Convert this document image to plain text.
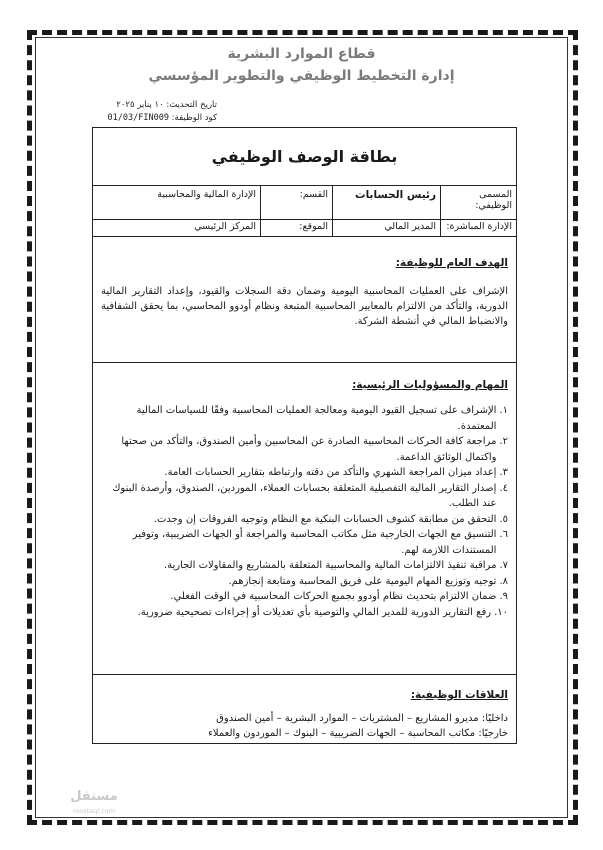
قطاع الموارد البشرية
إدارة التخطيط الوظيفي والتطوير المؤسسي
تاريخ التحديث: ١٠ يناير ٢٠٢٥
كود الوظيفة: 01/03/FIN009
بطاقة الوصف الوظيفي
المسمى الوظيفي:
رئيس الحسابات
القسم:
الإدارة المالية والمحاسبية
الإدارة المباشرة:
المدير المالي
الموقع:
المركز الرئيسي
الهدف العام للوظيفة:

الإشراف على العمليات المحاسبية اليومية وضمان دقة السجلات والقيود، وإعداد التقارير المالية الدورية، والتأكد من الالتزام بالمعايير المحاسبية المتبعة ونظام أودوو المحاسبي، بما يحقق الشفافية والانضباط المالي في أنشطة الشركة.

المهام والمسؤوليات الرئيسية:
١.
الإشراف على تسجيل القيود اليومية ومعالجة العمليات المحاسبية وفقًا للسياسات المالية المعتمدة.
٢.
مراجعة كافة الحركات المحاسبية الصادرة عن المحاسبين وأمين الصندوق، والتأكد من صحتها واكتمال الوثائق الداعمة.
٣.
إعداد ميزان المراجعة الشهري والتأكد من دقته وارتباطه بتقارير الحسابات العامة.
٤.
إصدار التقارير المالية التفصيلية المتعلقة بحسابات العملاء، الموردين، الصندوق، وأرصدة البنوك عند الطلب.
٥.
التحقق من مطابقة كشوف الحسابات البنكية مع النظام وتوجيه الفروقات إن وجدت.
٦.
التنسيق مع الجهات الخارجية مثل مكاتب المحاسبة والمراجعة أو الجهات الضريبية، وتوفير المستندات اللازمة لهم.
٧.
مراقبة تنفيذ الالتزامات المالية والمحاسبية المتعلقة بالمشاريع والمقاولات الجارية.
٨.
توجيه وتوزيع المهام اليومية على فريق المحاسبة ومتابعة إنجازهم.
٩.
ضمان الالتزام بتحديث نظام أودوو بجميع الحركات المحاسبية في الوقت الفعلي.
١٠.
رفع التقارير الدورية للمدير المالي والتوصية بأي تعديلات أو إجراءات تصحيحية ضرورية.
العلاقات الوظيفية:
داخليًا: مديرو المشاريع – المشتريات – الموارد البشرية – أمين الصندوق
خارجيًا: مكاتب المحاسبة – الجهات الضريبية – البنوك – الموردون والعملاء
مستقل
mostaql.com
